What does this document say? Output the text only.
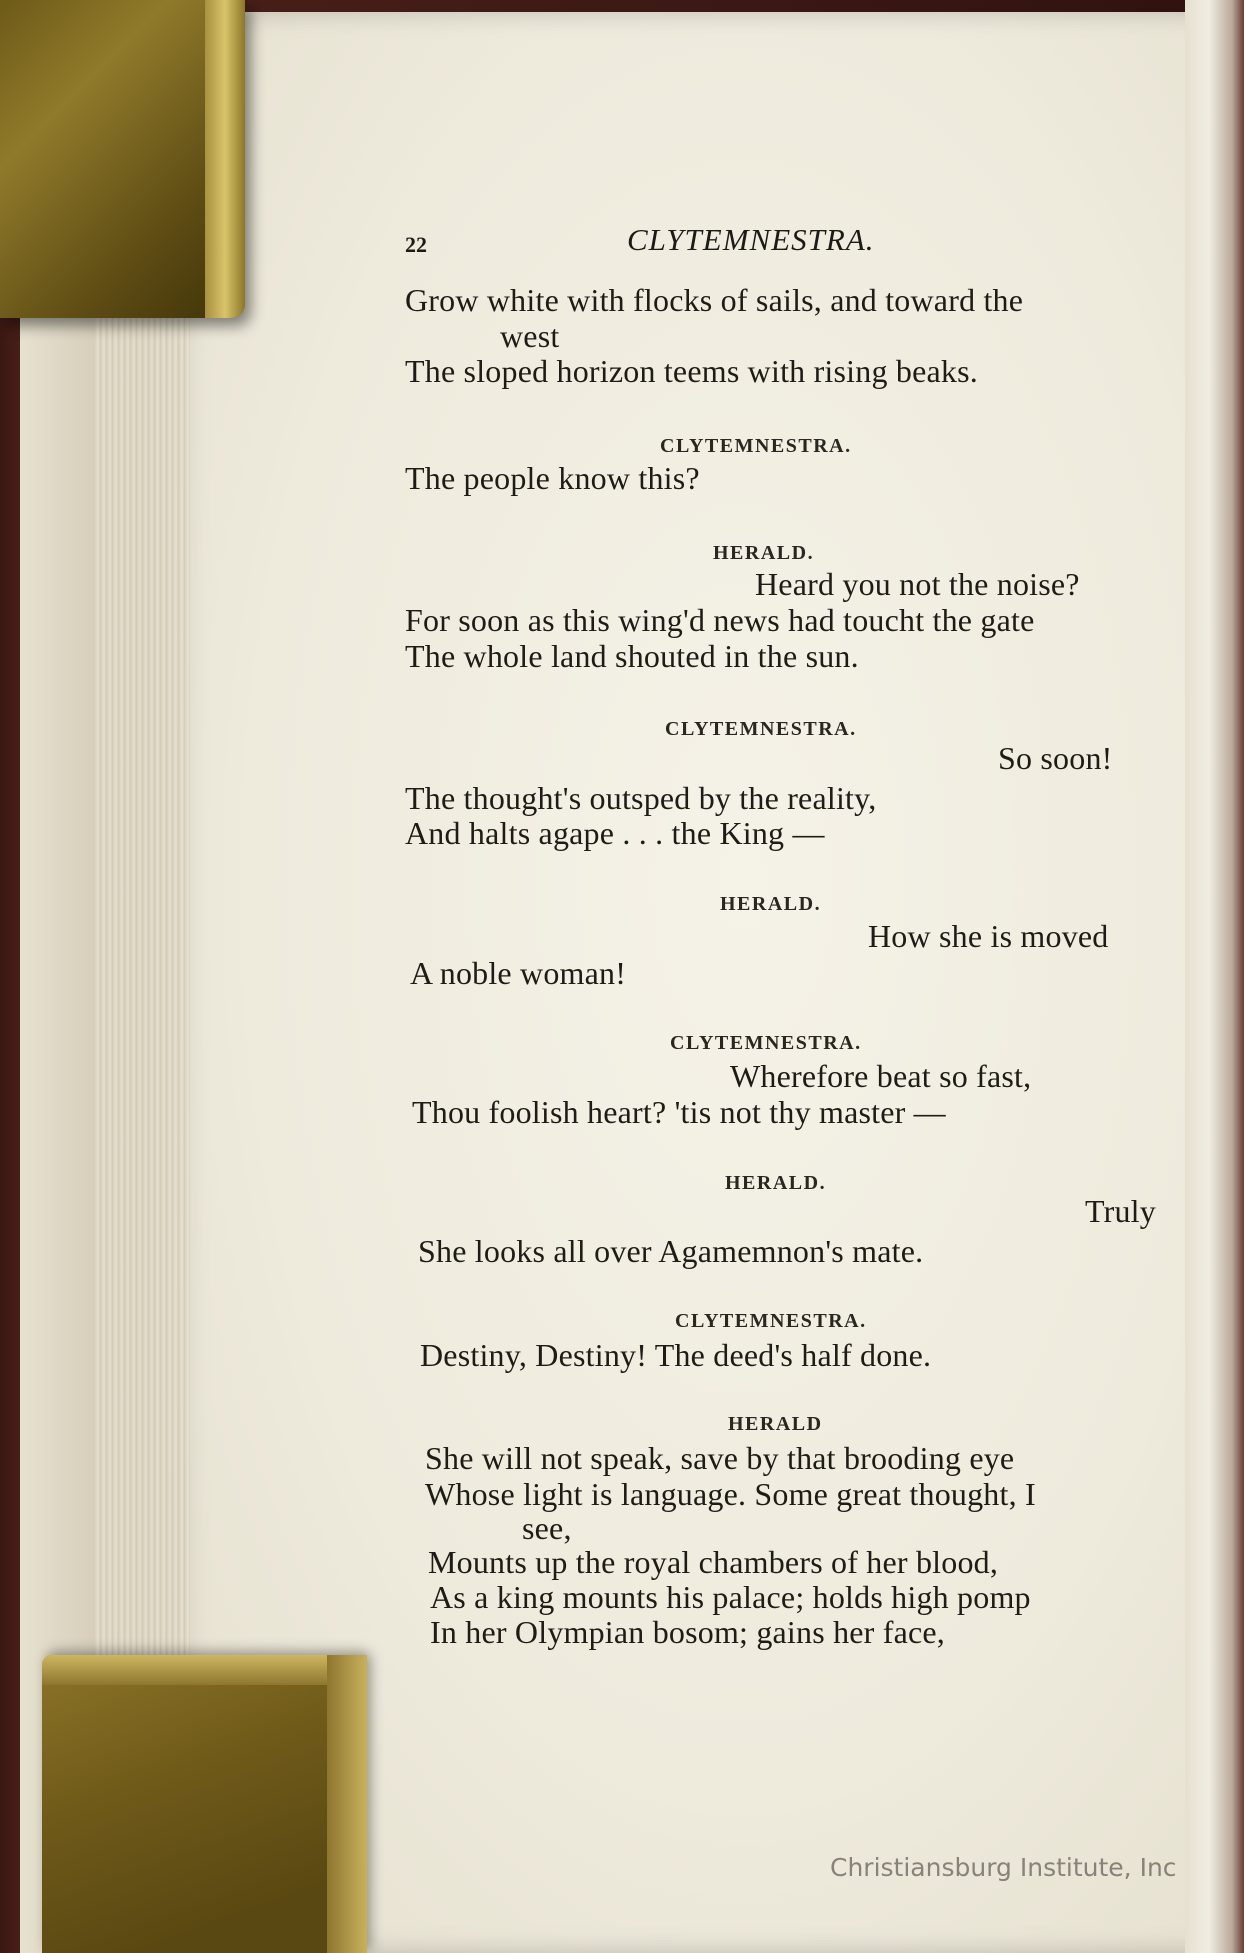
22	CLYTEMNESTRA.
Grow white with flocks of sails, and toward the
west
The sloped horizon teems with rising beaks.
CLYTEMNESTRA.
The people know this?
HERALD.
Heard you not the noise?
For soon as this wing'd news had toucht the gate
The whole land shouted in the sun.
CLYTEMNESTRA.
So soon!
The thought's outsped by the reality,
And halts agape . . . the King —
HERALD.
How she is moved
A noble woman!
CLYTEMNESTRA.
Wherefore beat so fast,
Thou foolish heart? 'tis not thy master —
HERALD.
Truly
She looks all over Agamemnon's mate.
CLYTEMNESTRA.
Destiny, Destiny! The deed's half done.
HERALD
She will not speak, save by that brooding eye
Whose light is language. Some great thought, I
see,
Mounts up the royal chambers of her blood,
As a king mounts his palace; holds high pomp
In her Olympian bosom; gains her face,
Christiansburg Institute, Inc
